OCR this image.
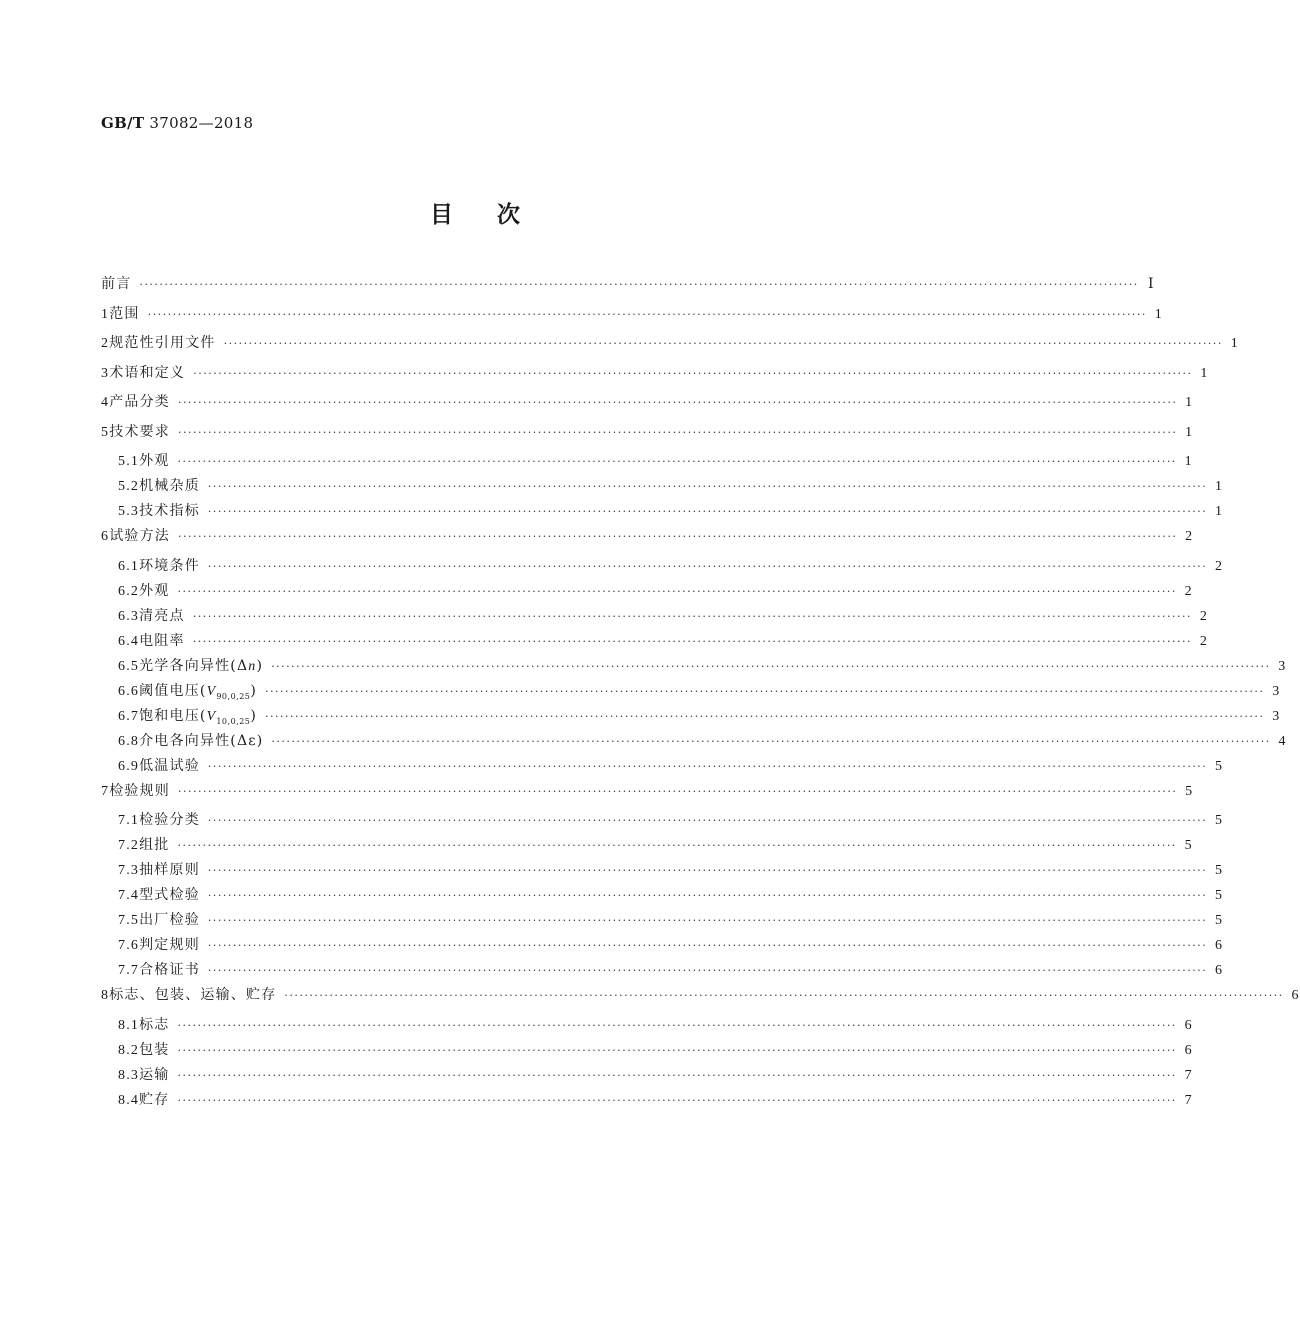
GB/T 37082—2018
目次
前言 ········································································································································································································ Ⅰ
1 范围 ········································································································································································································ 1
2 规范性引用文件 ········································································································································································································ 1
3 术语和定义 ········································································································································································································ 1
4 产品分类 ········································································································································································································ 1
5 技术要求 ········································································································································································································ 1
5.1 外观 ········································································································································································································ 1
5.2 机械杂质 ········································································································································································································ 1
5.3 技术指标 ········································································································································································································ 1
6 试验方法 ········································································································································································································ 2
6.1 环境条件 ········································································································································································································ 2
6.2 外观 ········································································································································································································ 2
6.3 清亮点 ········································································································································································································ 2
6.4 电阻率 ········································································································································································································ 2
6.5 光学各向异性(Δn) ········································································································································································································ 3
6.6 阈值电压$(V_{90,0,25})$ ········································································································································································································ 3
6.7 饱和电压$(V_{10,0,25})$ ········································································································································································································ 3
6.8 介电各向异性(Δε) ········································································································································································································ 4
6.9 低温试验 ········································································································································································································ 5
7 检验规则 ········································································································································································································ 5
7.1 检验分类 ········································································································································································································ 5
7.2 组批 ········································································································································································································ 5
7.3 抽样原则 ········································································································································································································ 5
7.4 型式检验 ········································································································································································································ 5
7.5 出厂检验 ········································································································································································································ 5
7.6 判定规则 ········································································································································································································ 6
7.7 合格证书 ········································································································································································································ 6
8 标志、包装、运输、贮存 ········································································································································································································ 6
8.1 标志 ········································································································································································································ 6
8.2 包装 ········································································································································································································ 6
8.3 运输 ········································································································································································································ 7
8.4 贮存 ········································································································································································································ 7
